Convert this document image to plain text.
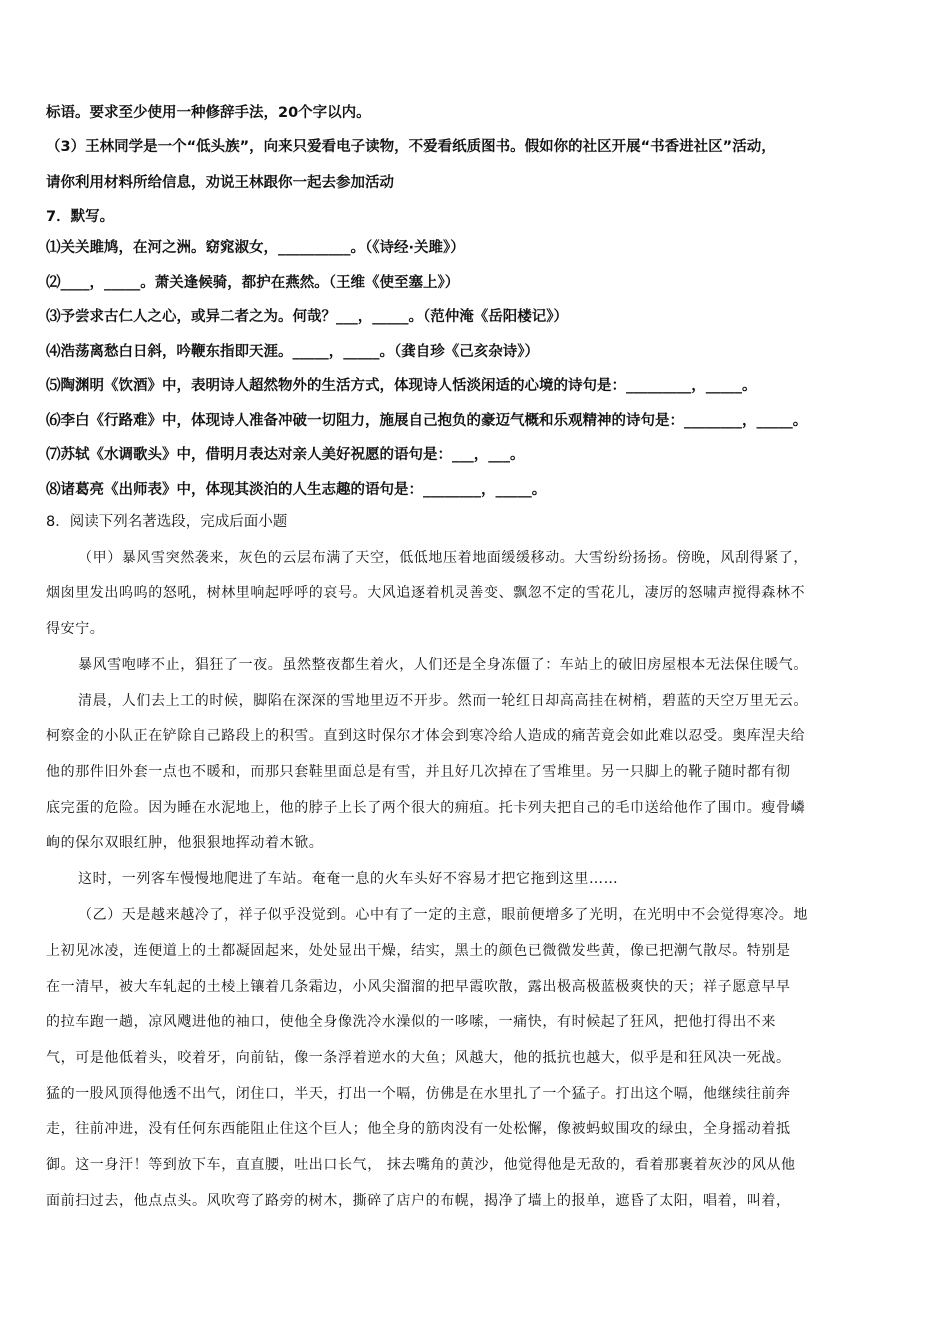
标语。要求至少使用一种修辞手法，20个字以内。
（3）王林同学是一个“低头族”，向来只爱看电子读物，不爱看纸质图书。假如你的社区开展“书香进社区”活动，
请你利用材料所给信息，劝说王林跟你一起去参加活动
7．默写。
⑴关关雎鸠，在河之洲。窈窕淑女，__________。（《诗经·关雎》）
⑵____，_____。萧关逢候骑，都护在燕然。（王维《使至塞上》）
⑶予尝求古仁人之心，或异二者之为。何哉？___，_____。（范仲淹《岳阳楼记》）
⑷浩荡离愁白日斜，吟鞭东指即天涯。_____，_____。（龚自珍《己亥杂诗》）
⑸陶渊明《饮酒》中，表明诗人超然物外的生活方式，体现诗人恬淡闲适的心境的诗句是：_________，_____。
⑹李白《行路难》中，体现诗人准备冲破一切阻力，施展自己抱负的豪迈气概和乐观精神的诗句是：________，_____。
⑺苏轼《水调歌头》中，借明月表达对亲人美好祝愿的语句是：___，___。
⑻诸葛亮《出师表》中，体现其淡泊的人生志趣的语句是：________，_____。
8．阅读下列名著选段，完成后面小题
（甲）暴风雪突然袭来，灰色的云层布满了天空，低低地压着地面缓缓移动。大雪纷纷扬扬。傍晚，风刮得紧了，
烟囱里发出呜呜的怒吼，树林里响起呼呼的哀号。大风追逐着机灵善变、飘忽不定的雪花儿，凄厉的怒啸声搅得森林不
得安宁。
暴风雪咆哮不止，猖狂了一夜。虽然整夜都生着火，人们还是全身冻僵了：车站上的破旧房屋根本无法保住暖气。
清晨，人们去上工的时候，脚陷在深深的雪地里迈不开步。然而一轮红日却高高挂在树梢，碧蓝的天空万里无云。
柯察金的小队正在铲除自己路段上的积雪。直到这时保尔才体会到寒冷给人造成的痛苦竟会如此难以忍受。奥库涅夫给
他的那件旧外套一点也不暖和，而那只套鞋里面总是有雪，并且好几次掉在了雪堆里。另一只脚上的靴子随时都有彻
底完蛋的危险。因为睡在水泥地上，他的脖子上长了两个很大的痈疽。托卡列夫把自己的毛巾送给他作了围巾。瘦骨嶙
峋的保尔双眼红肿，他狠狠地挥动着木锨。
这时，一列客车慢慢地爬进了车站。奄奄一息的火车头好不容易才把它拖到这里……
（乙）天是越来越冷了，祥子似乎没觉到。心中有了一定的主意，眼前便增多了光明，在光明中不会觉得寒冷。地
上初见冰凌，连便道上的土都凝固起来，处处显出干燥，结实，黑土的颜色已微微发些黄，像已把潮气散尽。特别是
在一清早，被大车轧起的土棱上镶着几条霜边，小风尖溜溜的把早霞吹散，露出极高极蓝极爽快的天；祥子愿意早早
的拉车跑一趟，凉风飕进他的袖口，使他全身像洗冷水澡似的一哆嗦，一痛快，有时候起了狂风，把他打得出不来
气，可是他低着头，咬着牙，向前钻，像一条浮着逆水的大鱼；风越大，他的抵抗也越大，似乎是和狂风决一死战。
猛的一股风顶得他透不出气，闭住口，半天，打出一个嗝，仿佛是在水里扎了一个猛子。打出这个嗝，他继续往前奔
走，往前冲进，没有任何东西能阻止住这个巨人；他全身的筋肉没有一处松懈，像被蚂蚁围攻的绿虫，全身摇动着抵
御。这一身汗！等到放下车，直直腰，吐出口长气， 抹去嘴角的黄沙，他觉得他是无敌的，看着那裹着灰沙的风从他
面前扫过去，他点点头。风吹弯了路旁的树木，撕碎了店户的布幌，揭净了墙上的报单，遮昏了太阳，唱着，叫着，
